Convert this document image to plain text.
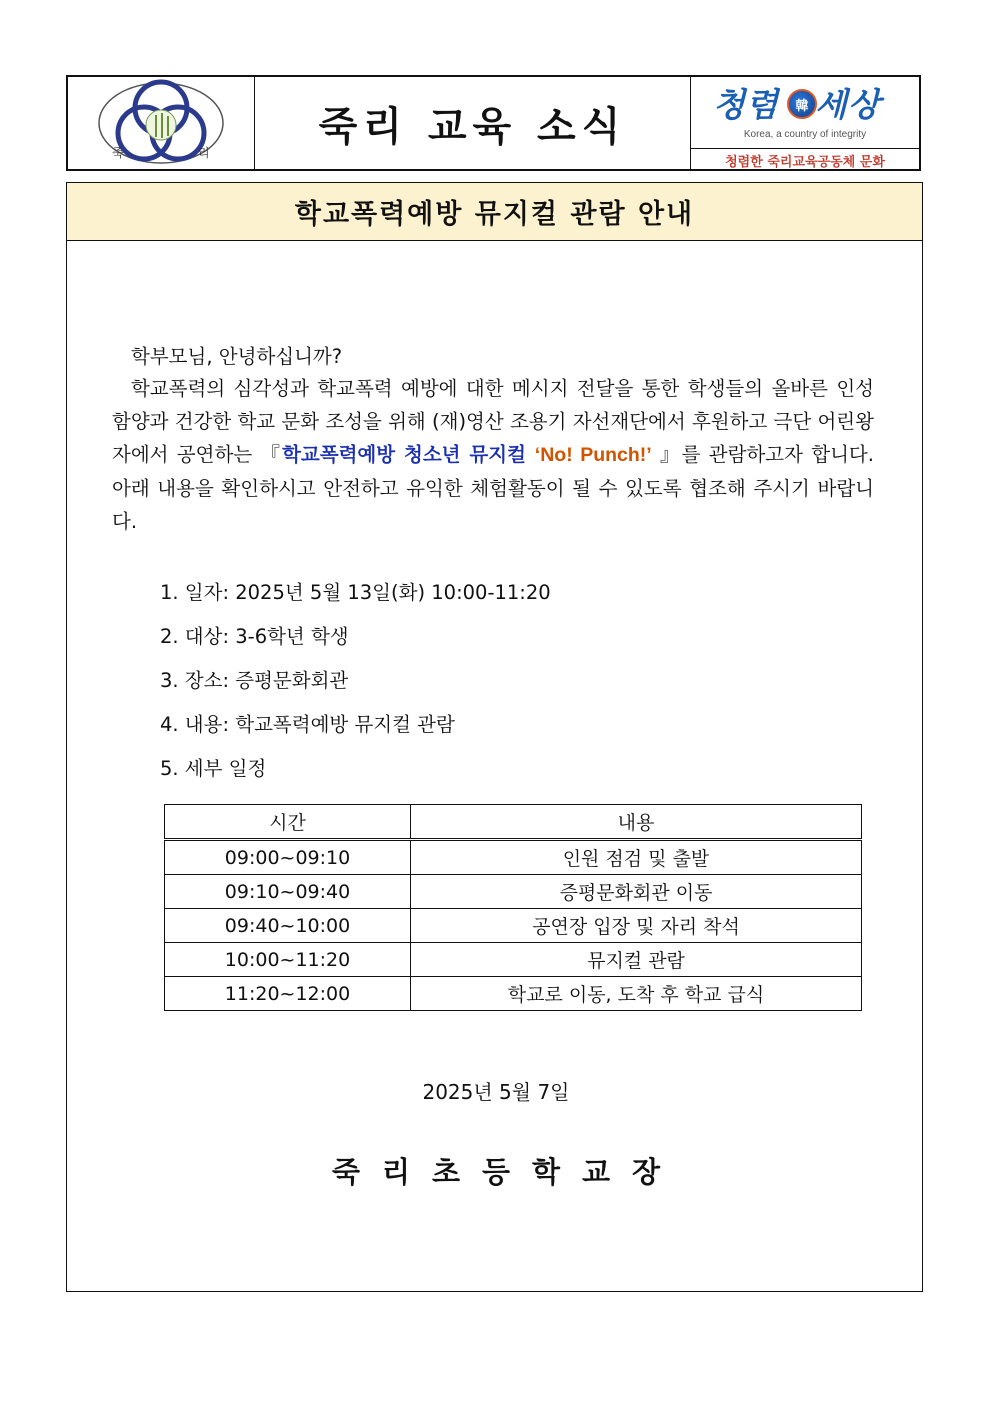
죽	리
죽리 교육 소식	청렴	韓 세상
Korea, a country of integrity
청렴한 죽리교육공동체 문화
학교폭력예방 뮤지컬 관람 안내
학부모님, 안녕하십니까?
학교폭력의 심각성과 학교폭력 예방에 대한 메시지 전달을 통한 학생들의 올바른 인성 함양과 건강한 학교 문화 조성을 위해 (재)영산 조용기 자선재단에서 후원하고 극단 어린왕자에서 공연하는 『학교폭력예방 청소년 뮤지컬 ‘No! Punch!’ 』를 관람하고자 합니다. 아래 내용을 확인하시고 안전하고 유익한 체험활동이 될 수 있도록 협조해 주시기 바랍니다.
1. 일자: 2025년 5월 13일(화) 10:00-11:20
2. 대상: 3-6학년 학생
3. 장소: 증평문화회관
4. 내용: 학교폭력예방 뮤지컬 관람
5. 세부 일정
시간	내용
09:00~09:10	인원 점검 및 출발
09:10~09:40	증평문화회관 이동
09:40~10:00	공연장 입장 및 자리 착석
10:00~11:20	뮤지컬 관람
11:20~12:00	학교로 이동, 도착 후 학교 급식
2025년 5월 7일
죽리초등학교장
